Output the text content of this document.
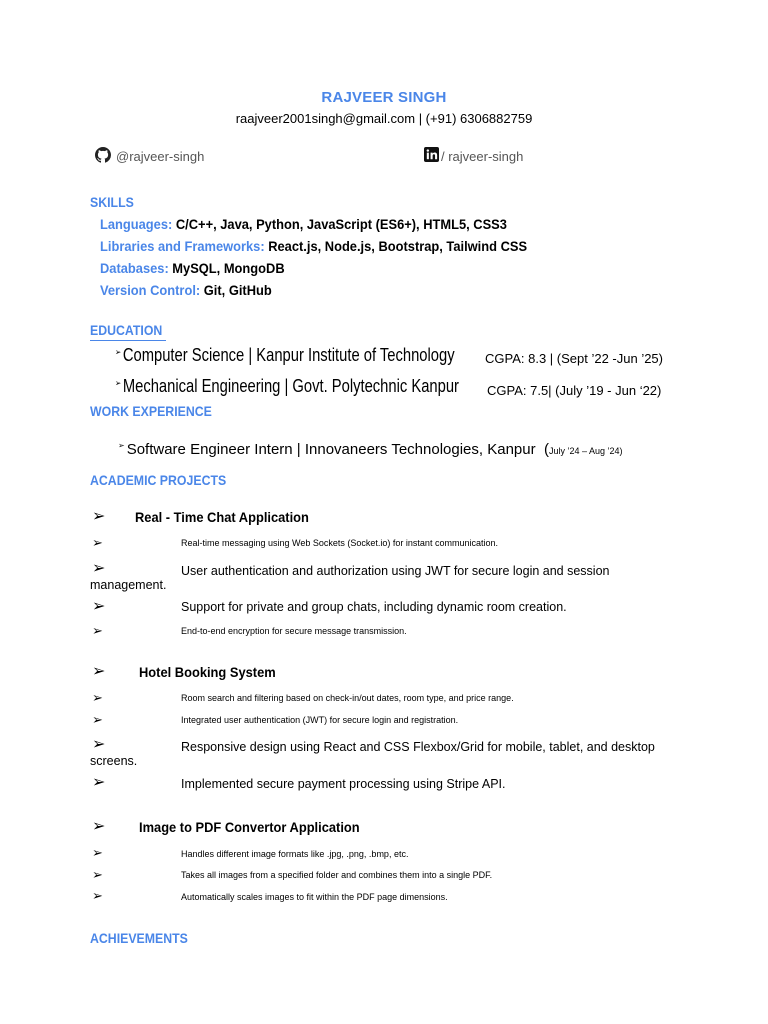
RAJVEER SINGH
raajveer2001singh@gmail.com | (+91) 6306882759
@rajveer-singh	/ rajveer-singh
SKILLS
Languages: C/C++, Java, Python, JavaScript (ES6+), HTML5, CSS3
Libraries and Frameworks: React.js, Node.js, Bootstrap, Tailwind CSS
Databases: MySQL, MongoDB
Version Control: Git, GitHub
EDUCATION
➢Computer Science | Kanpur Institute of Technology CGPA: 8.3 | (Sept ’22 -Jun ’25)
➢Mechanical Engineering | Govt. Polytechnic Kanpur CGPA: 7.5| (July ’19 - Jun ‘22)
WORK EXPERIENCE
➢ Software Engineer Intern | Innovaneers Technologies, Kanpur (July ’24 – Aug ’24)
ACADEMIC PROJECTS
➢ Real - Time Chat Application
➢	Real-time messaging using Web Sockets (Socket.io) for instant communication.
➢	User authentication and authorization using JWT for secure login and session
management.
➢	Support for private and group chats, including dynamic room creation.
➢	End-to-end encryption for secure message transmission.
➢ Hotel Booking System
➢	Room search and filtering based on check-in/out dates, room type, and price range.
➢	Integrated user authentication (JWT) for secure login and registration.
➢	Responsive design using React and CSS Flexbox/Grid for mobile, tablet, and desktop
screens.
➢	Implemented secure payment processing using Stripe API.
➢ Image to PDF Convertor Application
➢	Handles different image formats like .jpg, .png, .bmp, etc.
➢	Takes all images from a specified folder and combines them into a single PDF.
➢	Automatically scales images to fit within the PDF page dimensions.
ACHIEVEMENTS
